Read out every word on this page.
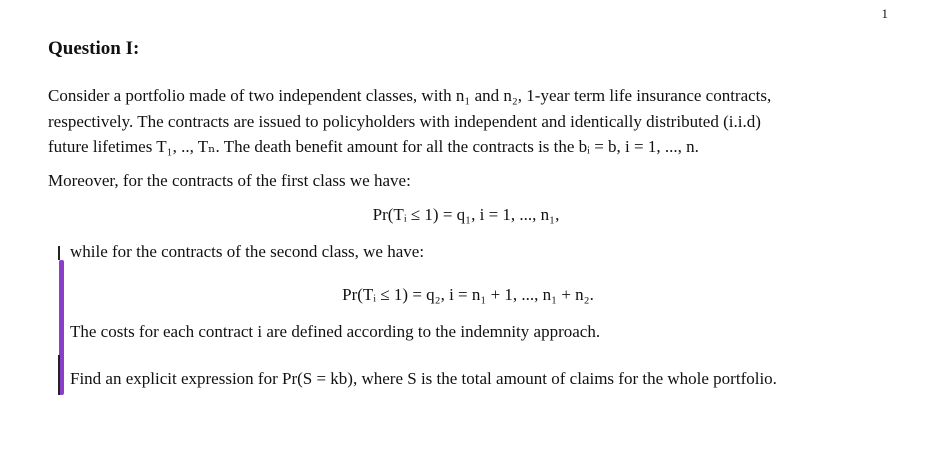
1
Question I:
Consider a portfolio made of two independent classes, with n₁ and n₂, 1-year term life insurance contracts,
respectively. The contracts are issued to policyholders with independent and identically distributed (i.i.d)
future lifetimes T₁, .., Tₙ. The death benefit amount for all the contracts is the bᵢ = b, i = 1, ..., n.
Moreover, for the contracts of the first class we have:
Pr(Tᵢ ≤ 1) = q₁, i = 1, ..., n₁,
while for the contracts of the second class, we have:
Pr(Tᵢ ≤ 1) = q₂, i = n₁ + 1, ..., n₁ + n₂.
The costs for each contract i are defined according to the indemnity approach.
Find an explicit expression for Pr(S = kb), where S is the total amount of claims for the whole portfolio.
